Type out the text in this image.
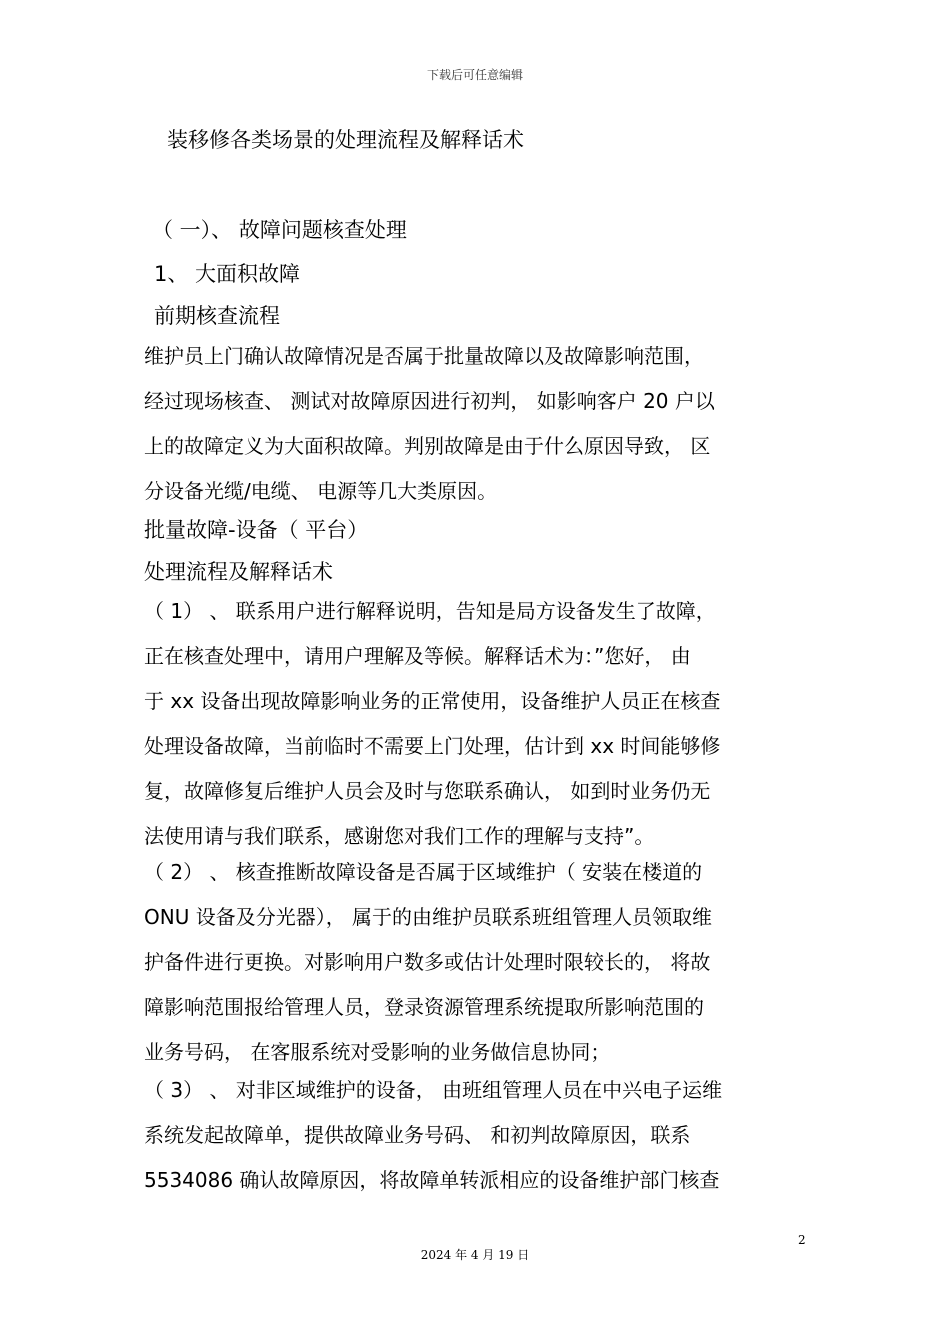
下载后可任意编辑
装移修各类场景的处理流程及解释话术
（ 一）、 故障问题核查处理
1、 大面积故障
前期核查流程
维护员上门确认故障情况是否属于批量故障以及故障影响范围，
经过现场核查、 测试对故障原因进行初判， 如影响客户 20 户以
上的故障定义为大面积故障。判别故障是由于什么原因导致， 区
分设备光缆/电缆、 电源等几大类原因。
批量故障-设备（ 平台）
处理流程及解释话术
（ 1） 、 联系用户进行解释说明，告知是局方设备发生了故障，
正在核查处理中，请用户理解及等候。解释话术为：”您好， 由
于 xx 设备出现故障影响业务的正常使用，设备维护人员正在核查
处理设备故障，当前临时不需要上门处理，估计到 xx 时间能够修
复，故障修复后维护人员会及时与您联系确认， 如到时业务仍无
法使用请与我们联系，感谢您对我们工作的理解与支持”。
（ 2） 、 核查推断故障设备是否属于区域维护（ 安装在楼道的
ONU 设备及分光器）， 属于的由维护员联系班组管理人员领取维
护备件进行更换。对影响用户数多或估计处理时限较长的， 将故
障影响范围报给管理人员，登录资源管理系统提取所影响范围的
业务号码， 在客服系统对受影响的业务做信息协同；
（ 3） 、 对非区域维护的设备， 由班组管理人员在中兴电子运维
系统发起故障单，提供故障业务号码、 和初判故障原因，联系
5534086 确认故障原因，将故障单转派相应的设备维护部门核查
2
2024 年 4 月 19 日
